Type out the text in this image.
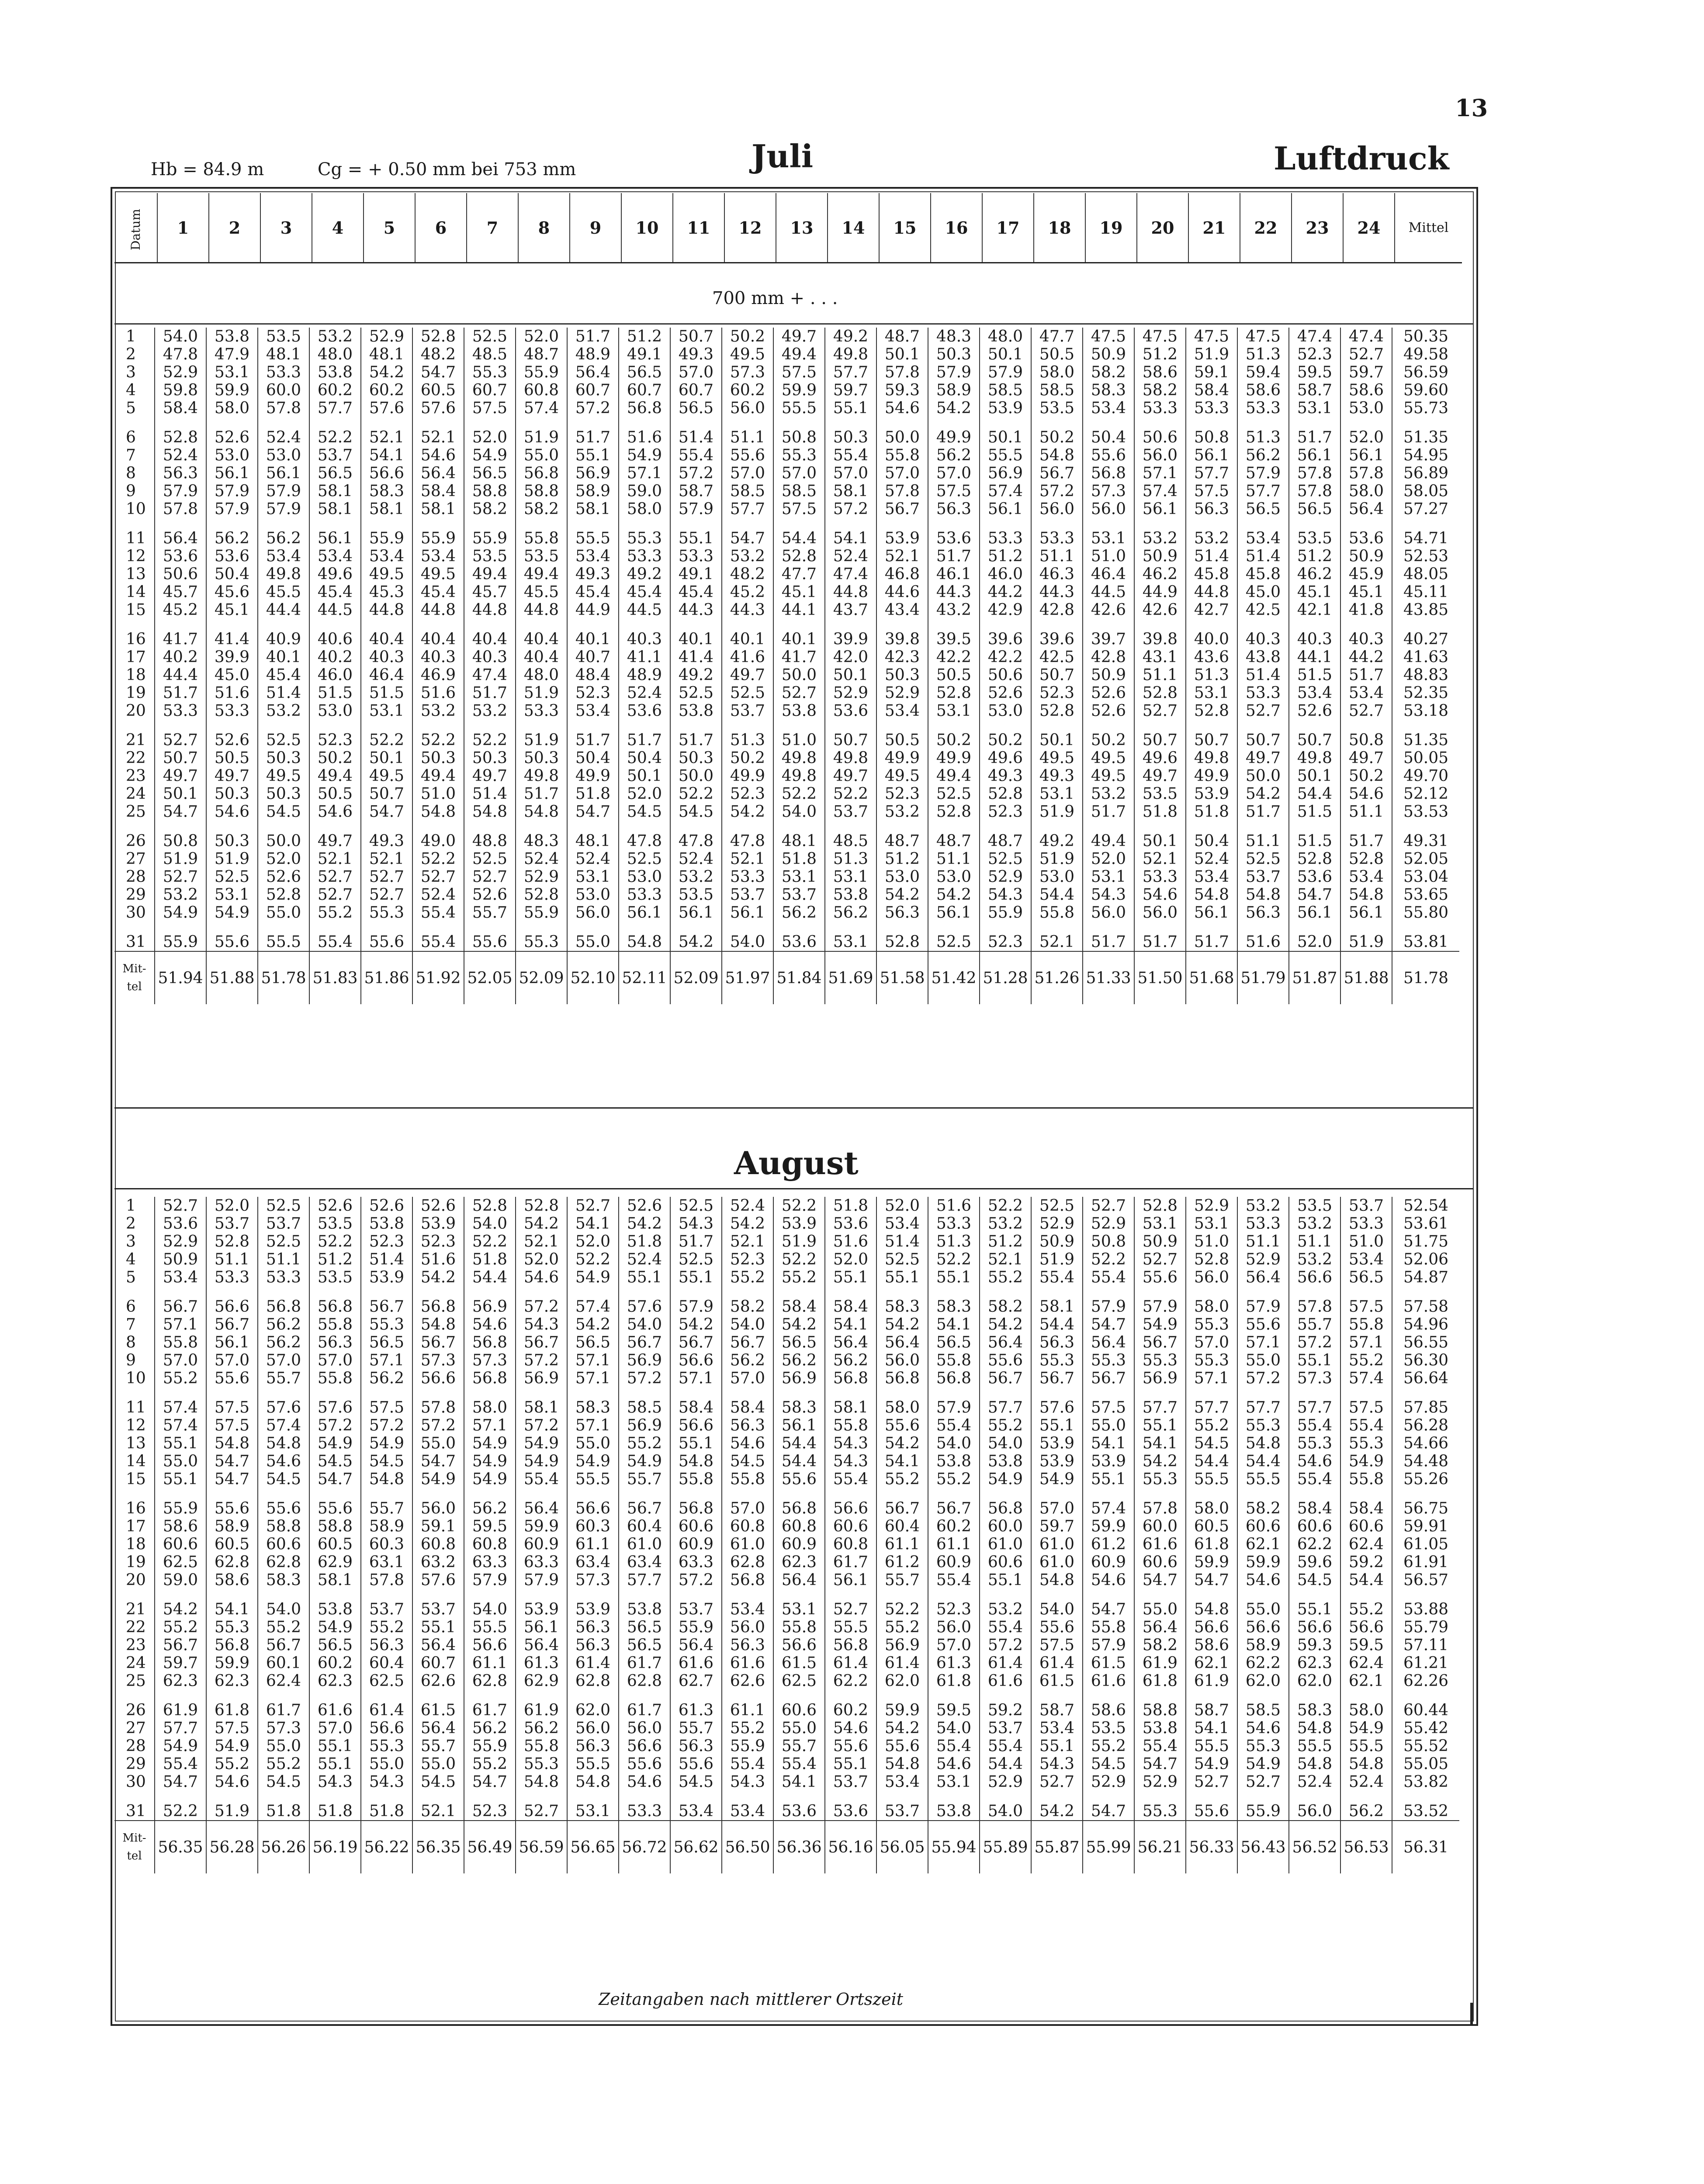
13
Hb = 84.9 m	Cg = + 0.50 mm bei 753 mm	Juli	Luftdruck
Datum	1	2	3	4	5	6	7	8	9	10	11	12	13	14	15	16	17	18	19	20	21	22	23	24	Mittel
700 mm + . . .
1	54.0	53.8	53.5	53.2	52.9	52.8	52.5	52.0	51.7	51.2	50.7	50.2	49.7	49.2	48.7	48.3	48.0	47.7	47.5	47.5	47.5	47.5	47.4	47.4	50.35
2	47.8	47.9	48.1	48.0	48.1	48.2	48.5	48.7	48.9	49.1	49.3	49.5	49.4	49.8	50.1	50.3	50.1	50.5	50.9	51.2	51.9	51.3	52.3	52.7	49.58
3	52.9	53.1	53.3	53.8	54.2	54.7	55.3	55.9	56.4	56.5	57.0	57.3	57.5	57.7	57.8	57.9	57.9	58.0	58.2	58.6	59.1	59.4	59.5	59.7	56.59
4	59.8	59.9	60.0	60.2	60.2	60.5	60.7	60.8	60.7	60.7	60.7	60.2	59.9	59.7	59.3	58.9	58.5	58.5	58.3	58.2	58.4	58.6	58.7	58.6	59.60
5	58.4	58.0	57.8	57.7	57.6	57.6	57.5	57.4	57.2	56.8	56.5	56.0	55.5	55.1	54.6	54.2	53.9	53.5	53.4	53.3	53.3	53.3	53.1	53.0	55.73

6	52.8	52.6	52.4	52.2	52.1	52.1	52.0	51.9	51.7	51.6	51.4	51.1	50.8	50.3	50.0	49.9	50.1	50.2	50.4	50.6	50.8	51.3	51.7	52.0	51.35
7	52.4	53.0	53.0	53.7	54.1	54.6	54.9	55.0	55.1	54.9	55.4	55.6	55.3	55.4	55.8	56.2	55.5	54.8	55.6	56.0	56.1	56.2	56.1	56.1	54.95
8	56.3	56.1	56.1	56.5	56.6	56.4	56.5	56.8	56.9	57.1	57.2	57.0	57.0	57.0	57.0	57.0	56.9	56.7	56.8	57.1	57.7	57.9	57.8	57.8	56.89
9	57.9	57.9	57.9	58.1	58.3	58.4	58.8	58.8	58.9	59.0	58.7	58.5	58.5	58.1	57.8	57.5	57.4	57.2	57.3	57.4	57.5	57.7	57.8	58.0	58.05
10	57.8	57.9	57.9	58.1	58.1	58.1	58.2	58.2	58.1	58.0	57.9	57.7	57.5	57.2	56.7	56.3	56.1	56.0	56.0	56.1	56.3	56.5	56.5	56.4	57.27

11	56.4	56.2	56.2	56.1	55.9	55.9	55.9	55.8	55.5	55.3	55.1	54.7	54.4	54.1	53.9	53.6	53.3	53.3	53.1	53.2	53.2	53.4	53.5	53.6	54.71
12	53.6	53.6	53.4	53.4	53.4	53.4	53.5	53.5	53.4	53.3	53.3	53.2	52.8	52.4	52.1	51.7	51.2	51.1	51.0	50.9	51.4	51.4	51.2	50.9	52.53
13	50.6	50.4	49.8	49.6	49.5	49.5	49.4	49.4	49.3	49.2	49.1	48.2	47.7	47.4	46.8	46.1	46.0	46.3	46.4	46.2	45.8	45.8	46.2	45.9	48.05
14	45.7	45.6	45.5	45.4	45.3	45.4	45.7	45.5	45.4	45.4	45.4	45.2	45.1	44.8	44.6	44.3	44.2	44.3	44.5	44.9	44.8	45.0	45.1	45.1	45.11
15	45.2	45.1	44.4	44.5	44.8	44.8	44.8	44.8	44.9	44.5	44.3	44.3	44.1	43.7	43.4	43.2	42.9	42.8	42.6	42.6	42.7	42.5	42.1	41.8	43.85

16	41.7	41.4	40.9	40.6	40.4	40.4	40.4	40.4	40.1	40.3	40.1	40.1	40.1	39.9	39.8	39.5	39.6	39.6	39.7	39.8	40.0	40.3	40.3	40.3	40.27
17	40.2	39.9	40.1	40.2	40.3	40.3	40.3	40.4	40.7	41.1	41.4	41.6	41.7	42.0	42.3	42.2	42.2	42.5	42.8	43.1	43.6	43.8	44.1	44.2	41.63
18	44.4	45.0	45.4	46.0	46.4	46.9	47.4	48.0	48.4	48.9	49.2	49.7	50.0	50.1	50.3	50.5	50.6	50.7	50.9	51.1	51.3	51.4	51.5	51.7	48.83
19	51.7	51.6	51.4	51.5	51.5	51.6	51.7	51.9	52.3	52.4	52.5	52.5	52.7	52.9	52.9	52.8	52.6	52.3	52.6	52.8	53.1	53.3	53.4	53.4	52.35
20	53.3	53.3	53.2	53.0	53.1	53.2	53.2	53.3	53.4	53.6	53.8	53.7	53.8	53.6	53.4	53.1	53.0	52.8	52.6	52.7	52.8	52.7	52.6	52.7	53.18

21	52.7	52.6	52.5	52.3	52.2	52.2	52.2	51.9	51.7	51.7	51.7	51.3	51.0	50.7	50.5	50.2	50.2	50.1	50.2	50.7	50.7	50.7	50.7	50.8	51.35
22	50.7	50.5	50.3	50.2	50.1	50.3	50.3	50.3	50.4	50.4	50.3	50.2	49.8	49.8	49.9	49.9	49.6	49.5	49.5	49.6	49.8	49.7	49.8	49.7	50.05
23	49.7	49.7	49.5	49.4	49.5	49.4	49.7	49.8	49.9	50.1	50.0	49.9	49.8	49.7	49.5	49.4	49.3	49.3	49.5	49.7	49.9	50.0	50.1	50.2	49.70
24	50.1	50.3	50.3	50.5	50.7	51.0	51.4	51.7	51.8	52.0	52.2	52.3	52.2	52.2	52.3	52.5	52.8	53.1	53.2	53.5	53.9	54.2	54.4	54.6	52.12
25	54.7	54.6	54.5	54.6	54.7	54.8	54.8	54.8	54.7	54.5	54.5	54.2	54.0	53.7	53.2	52.8	52.3	51.9	51.7	51.8	51.8	51.7	51.5	51.1	53.53

26	50.8	50.3	50.0	49.7	49.3	49.0	48.8	48.3	48.1	47.8	47.8	47.8	48.1	48.5	48.7	48.7	48.7	49.2	49.4	50.1	50.4	51.1	51.5	51.7	49.31
27	51.9	51.9	52.0	52.1	52.1	52.2	52.5	52.4	52.4	52.5	52.4	52.1	51.8	51.3	51.2	51.1	52.5	51.9	52.0	52.1	52.4	52.5	52.8	52.8	52.05
28	52.7	52.5	52.6	52.7	52.7	52.7	52.7	52.9	53.1	53.0	53.2	53.3	53.1	53.1	53.0	53.0	52.9	53.0	53.1	53.3	53.4	53.7	53.6	53.4	53.04
29	53.2	53.1	52.8	52.7	52.7	52.4	52.6	52.8	53.0	53.3	53.5	53.7	53.7	53.8	54.2	54.2	54.3	54.4	54.3	54.6	54.8	54.8	54.7	54.8	53.65
30	54.9	54.9	55.0	55.2	55.3	55.4	55.7	55.9	56.0	56.1	56.1	56.1	56.2	56.2	56.3	56.1	55.9	55.8	56.0	56.0	56.1	56.3	56.1	56.1	55.80

31	55.9	55.6	55.5	55.4	55.6	55.4	55.6	55.3	55.0	54.8	54.2	54.0	53.6	53.1	52.8	52.5	52.3	52.1	51.7	51.7	51.7	51.6	52.0	51.9	53.81
Mit-
tel	51.94	51.88	51.78	51.83	51.86	51.92	52.05	52.09	52.10	52.11	52.09	51.97	51.84	51.69	51.58	51.42	51.28	51.26	51.33	51.50	51.68	51.79	51.87	51.88	51.78
August
1	52.7	52.0	52.5	52.6	52.6	52.6	52.8	52.8	52.7	52.6	52.5	52.4	52.2	51.8	52.0	51.6	52.2	52.5	52.7	52.8	52.9	53.2	53.5	53.7	52.54
2	53.6	53.7	53.7	53.5	53.8	53.9	54.0	54.2	54.1	54.2	54.3	54.2	53.9	53.6	53.4	53.3	53.2	52.9	52.9	53.1	53.1	53.3	53.2	53.3	53.61
3	52.9	52.8	52.5	52.2	52.3	52.3	52.2	52.1	52.0	51.8	51.7	52.1	51.9	51.6	51.4	51.3	51.2	50.9	50.8	50.9	51.0	51.1	51.1	51.0	51.75
4	50.9	51.1	51.1	51.2	51.4	51.6	51.8	52.0	52.2	52.4	52.5	52.3	52.2	52.0	52.5	52.2	52.1	51.9	52.2	52.7	52.8	52.9	53.2	53.4	52.06
5	53.4	53.3	53.3	53.5	53.9	54.2	54.4	54.6	54.9	55.1	55.1	55.2	55.2	55.1	55.1	55.1	55.2	55.4	55.4	55.6	56.0	56.4	56.6	56.5	54.87

6	56.7	56.6	56.8	56.8	56.7	56.8	56.9	57.2	57.4	57.6	57.9	58.2	58.4	58.4	58.3	58.3	58.2	58.1	57.9	57.9	58.0	57.9	57.8	57.5	57.58
7	57.1	56.7	56.2	55.8	55.3	54.8	54.6	54.3	54.2	54.0	54.2	54.0	54.2	54.1	54.2	54.1	54.2	54.4	54.7	54.9	55.3	55.6	55.7	55.8	54.96
8	55.8	56.1	56.2	56.3	56.5	56.7	56.8	56.7	56.5	56.7	56.7	56.7	56.5	56.4	56.4	56.5	56.4	56.3	56.4	56.7	57.0	57.1	57.2	57.1	56.55
9	57.0	57.0	57.0	57.0	57.1	57.3	57.3	57.2	57.1	56.9	56.6	56.2	56.2	56.2	56.0	55.8	55.6	55.3	55.3	55.3	55.3	55.0	55.1	55.2	56.30
10	55.2	55.6	55.7	55.8	56.2	56.6	56.8	56.9	57.1	57.2	57.1	57.0	56.9	56.8	56.8	56.8	56.7	56.7	56.7	56.9	57.1	57.2	57.3	57.4	56.64

11	57.4	57.5	57.6	57.6	57.5	57.8	58.0	58.1	58.3	58.5	58.4	58.4	58.3	58.1	58.0	57.9	57.7	57.6	57.5	57.7	57.7	57.7	57.7	57.5	57.85
12	57.4	57.5	57.4	57.2	57.2	57.2	57.1	57.2	57.1	56.9	56.6	56.3	56.1	55.8	55.6	55.4	55.2	55.1	55.0	55.1	55.2	55.3	55.4	55.4	56.28
13	55.1	54.8	54.8	54.9	54.9	55.0	54.9	54.9	55.0	55.2	55.1	54.6	54.4	54.3	54.2	54.0	54.0	53.9	54.1	54.1	54.5	54.8	55.3	55.3	54.66
14	55.0	54.7	54.6	54.5	54.5	54.7	54.9	54.9	54.9	54.9	54.8	54.5	54.4	54.3	54.1	53.8	53.8	53.9	53.9	54.2	54.4	54.4	54.6	54.9	54.48
15	55.1	54.7	54.5	54.7	54.8	54.9	54.9	55.4	55.5	55.7	55.8	55.8	55.6	55.4	55.2	55.2	54.9	54.9	55.1	55.3	55.5	55.5	55.4	55.8	55.26

16	55.9	55.6	55.6	55.6	55.7	56.0	56.2	56.4	56.6	56.7	56.8	57.0	56.8	56.6	56.7	56.7	56.8	57.0	57.4	57.8	58.0	58.2	58.4	58.4	56.75
17	58.6	58.9	58.8	58.8	58.9	59.1	59.5	59.9	60.3	60.4	60.6	60.8	60.8	60.6	60.4	60.2	60.0	59.7	59.9	60.0	60.5	60.6	60.6	60.6	59.91
18	60.6	60.5	60.6	60.5	60.3	60.8	60.8	60.9	61.1	61.0	60.9	61.0	60.9	60.8	61.1	61.1	61.0	61.0	61.2	61.6	61.8	62.1	62.2	62.4	61.05
19	62.5	62.8	62.8	62.9	63.1	63.2	63.3	63.3	63.4	63.4	63.3	62.8	62.3	61.7	61.2	60.9	60.6	61.0	60.9	60.6	59.9	59.9	59.6	59.2	61.91
20	59.0	58.6	58.3	58.1	57.8	57.6	57.9	57.9	57.3	57.7	57.2	56.8	56.4	56.1	55.7	55.4	55.1	54.8	54.6	54.7	54.7	54.6	54.5	54.4	56.57

21	54.2	54.1	54.0	53.8	53.7	53.7	54.0	53.9	53.9	53.8	53.7	53.4	53.1	52.7	52.2	52.3	53.2	54.0	54.7	55.0	54.8	55.0	55.1	55.2	53.88
22	55.2	55.3	55.2	54.9	55.2	55.1	55.5	56.1	56.3	56.5	55.9	56.0	55.8	55.5	55.2	56.0	55.4	55.6	55.8	56.4	56.6	56.6	56.6	56.6	55.79
23	56.7	56.8	56.7	56.5	56.3	56.4	56.6	56.4	56.3	56.5	56.4	56.3	56.6	56.8	56.9	57.0	57.2	57.5	57.9	58.2	58.6	58.9	59.3	59.5	57.11
24	59.7	59.9	60.1	60.2	60.4	60.7	61.1	61.3	61.4	61.7	61.6	61.6	61.5	61.4	61.4	61.3	61.4	61.4	61.5	61.9	62.1	62.2	62.3	62.4	61.21
25	62.3	62.3	62.4	62.3	62.5	62.6	62.8	62.9	62.8	62.8	62.7	62.6	62.5	62.2	62.0	61.8	61.6	61.5	61.6	61.8	61.9	62.0	62.0	62.1	62.26

26	61.9	61.8	61.7	61.6	61.4	61.5	61.7	61.9	62.0	61.7	61.3	61.1	60.6	60.2	59.9	59.5	59.2	58.7	58.6	58.8	58.7	58.5	58.3	58.0	60.44
27	57.7	57.5	57.3	57.0	56.6	56.4	56.2	56.2	56.0	56.0	55.7	55.2	55.0	54.6	54.2	54.0	53.7	53.4	53.5	53.8	54.1	54.6	54.8	54.9	55.42
28	54.9	54.9	55.0	55.1	55.3	55.7	55.9	55.8	56.3	56.6	56.3	55.9	55.7	55.6	55.6	55.4	55.4	55.1	55.2	55.4	55.5	55.3	55.5	55.5	55.52
29	55.4	55.2	55.2	55.1	55.0	55.0	55.2	55.3	55.5	55.6	55.6	55.4	55.4	55.1	54.8	54.6	54.4	54.3	54.5	54.7	54.9	54.9	54.8	54.8	55.05
30	54.7	54.6	54.5	54.3	54.3	54.5	54.7	54.8	54.8	54.6	54.5	54.3	54.1	53.7	53.4	53.1	52.9	52.7	52.9	52.9	52.7	52.7	52.4	52.4	53.82

31	52.2	51.9	51.8	51.8	51.8	52.1	52.3	52.7	53.1	53.3	53.4	53.4	53.6	53.6	53.7	53.8	54.0	54.2	54.7	55.3	55.6	55.9	56.0	56.2	53.52
Mit-
tel	56.35	56.28	56.26	56.19	56.22	56.35	56.49	56.59	56.65	56.72	56.62	56.50	56.36	56.16	56.05	55.94	55.89	55.87	55.99	56.21	56.33	56.43	56.52	56.53	56.31
Zeitangaben nach mittlerer Ortszeit
